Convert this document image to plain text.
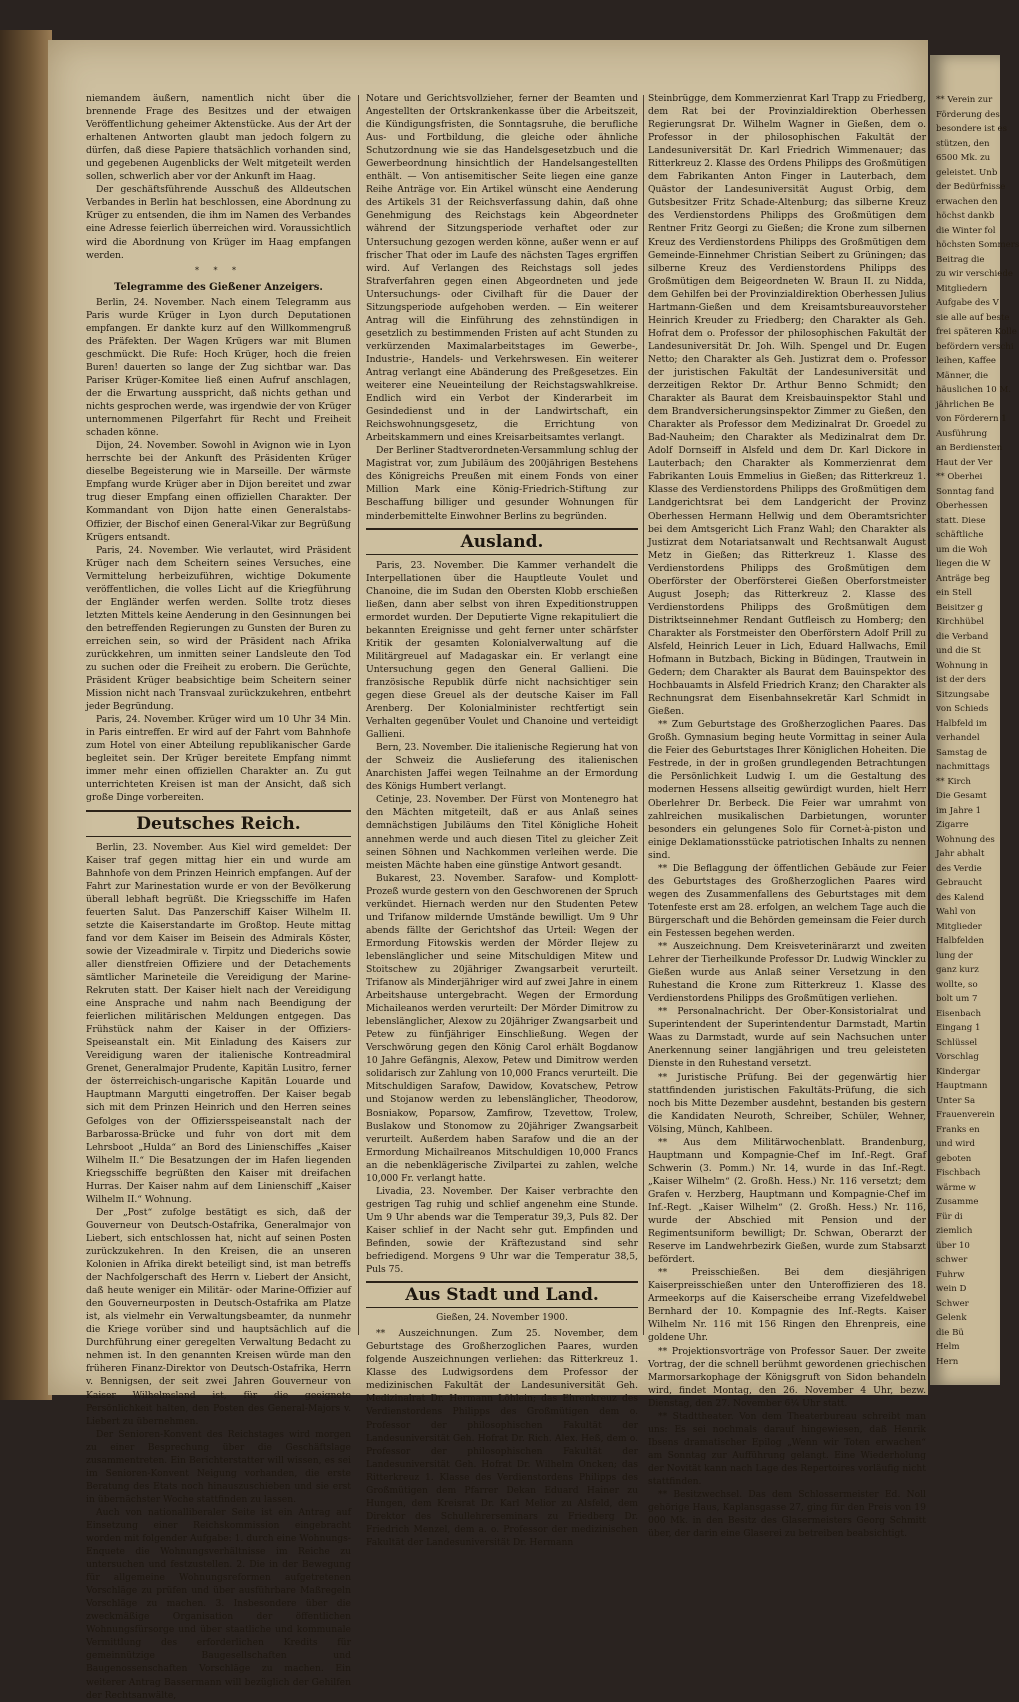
niemandem äußern, namentlich nicht über die brennende Frage des Besitzes und der etwaigen Veröffentlichung geheimer Aktenstücke. Aus der Art der erhaltenen Antworten glaubt man jedoch folgern zu dürfen, daß diese Papiere thatsächlich vorhanden sind, und gegebenen Augenblicks der Welt mitgeteilt werden sollen, schwerlich aber vor der Ankunft im Haag.

Der geschäftsführende Ausschuß des Alldeutschen Verbandes in Berlin hat beschlossen, eine Abordnung zu Krüger zu entsenden, die ihm im Namen des Verbandes eine Adresse feierlich überreichen wird. Voraussichtlich wird die Abordnung von Krüger im Haag empfangen werden.

* * *
Telegramme des Gießener Anzeigers.

Berlin, 24. November. Nach einem Telegramm aus Paris wurde Krüger in Lyon durch Deputationen empfangen. Er dankte kurz auf den Willkommengruß des Präfekten. Der Wagen Krügers war mit Blumen geschmückt. Die Rufe: Hoch Krüger, hoch die freien Buren! dauerten so lange der Zug sichtbar war. Das Pariser Krüger-Komitee ließ einen Aufruf anschlagen, der die Erwartung ausspricht, daß nichts gethan und nichts gesprochen werde, was irgendwie der von Krüger unternommenen Pilgerfahrt für Recht und Freiheit schaden könne.

Dijon, 24. November. Sowohl in Avignon wie in Lyon herrschte bei der Ankunft des Präsidenten Krüger dieselbe Begeisterung wie in Marseille. Der wärmste Empfang wurde Krüger aber in Dijon bereitet und zwar trug dieser Empfang einen offiziellen Charakter. Der Kommandant von Dijon hatte einen Generalstabs-Offizier, der Bischof einen General-Vikar zur Begrüßung Krügers entsandt.

Paris, 24. November. Wie verlautet, wird Präsident Krüger nach dem Scheitern seines Versuches, eine Vermittelung herbeizuführen, wichtige Dokumente veröffentlichen, die volles Licht auf die Kriegführung der Engländer werfen werden. Sollte trotz dieses letzten Mittels keine Aenderung in den Gesinnungen bei den betreffenden Regierungen zu Gunsten der Buren zu erreichen sein, so wird der Präsident nach Afrika zurückkehren, um inmitten seiner Landsleute den Tod zu suchen oder die Freiheit zu erobern. Die Gerüchte, Präsident Krüger beabsichtige beim Scheitern seiner Mission nicht nach Transvaal zurückzukehren, entbehrt jeder Begründung.

Paris, 24. November. Krüger wird um 10 Uhr 34 Min. in Paris eintreffen. Er wird auf der Fahrt vom Bahnhofe zum Hotel von einer Abteilung republikanischer Garde begleitet sein. Der Krüger bereitete Empfang nimmt immer mehr einen offiziellen Charakter an. Zu gut unterrichteten Kreisen ist man der Ansicht, daß sich große Dinge vorbereiten.

Deutsches Reich.

Berlin, 23. November. Aus Kiel wird gemeldet: Der Kaiser traf gegen mittag hier ein und wurde am Bahnhofe von dem Prinzen Heinrich empfangen. Auf der Fahrt zur Marinestation wurde er von der Bevölkerung überall lebhaft begrüßt. Die Kriegsschiffe im Hafen feuerten Salut. Das Panzerschiff Kaiser Wilhelm II. setzte die Kaiserstandarte im Großtop. Heute mittag fand vor dem Kaiser im Beisein des Admirals Köster, sowie der Vizeadmirale v. Tirpitz und Diederichs sowie aller dienstfreien Offiziere und der Detachements sämtlicher Marineteile die Vereidigung der Marine-Rekruten statt. Der Kaiser hielt nach der Vereidigung eine Ansprache und nahm nach Beendigung der feierlichen militärischen Meldungen entgegen. Das Frühstück nahm der Kaiser in der Offiziers-Speiseanstalt ein. Mit Einladung des Kaisers zur Vereidigung waren der italienische Kontreadmiral Grenet, Generalmajor Prudente, Kapitän Lusitro, ferner der österreichisch-ungarische Kapitän Louarde und Hauptmann Margutti eingetroffen. Der Kaiser begab sich mit dem Prinzen Heinrich und den Herren seines Gefolges von der Offiziersspeiseanstalt nach der Barbarossa-Brücke und fuhr von dort mit dem Lehrsboot „Hulda“ an Bord des Linienschiffes „Kaiser Wilhelm II.“ Die Besatzungen der im Hafen liegenden Kriegsschiffe begrüßten den Kaiser mit dreifachen Hurras. Der Kaiser nahm auf dem Linienschiff „Kaiser Wilhelm II.“ Wohnung.

Der „Post“ zufolge bestätigt es sich, daß der Gouverneur von Deutsch-Ostafrika, Generalmajor von Liebert, sich entschlossen hat, nicht auf seinen Posten zurückzukehren. In den Kreisen, die an unseren Kolonien in Afrika direkt beteiligt sind, ist man betreffs der Nachfolgerschaft des Herrn v. Liebert der Ansicht, daß heute weniger ein Militär- oder Marine-Offizier auf den Gouverneurposten in Deutsch-Ostafrika am Platze ist, als vielmehr ein Verwaltungsbeamter, da nunmehr die Kriege vorüber sind und hauptsächlich auf die Durchführung einer geregelten Verwaltung Bedacht zu nehmen ist. In den genannten Kreisen würde man den früheren Finanz-Direktor von Deutsch-Ostafrika, Herrn v. Bennigsen, der seit zwei Jahren Gouverneur von Kaiser Wilhelmsland ist, für die geeignete Persönlichkeit halten, den Posten des General-Majors v. Liebert zu übernehmen.

Der Senioren-Konvent des Reichstages wird morgen zu einer Besprechung über die Geschäftslage zusammentreten. Ein Berichterstatter will wissen, es sei im Senioren-Konvent Neigung vorhanden, die erste Beratung des Etats noch hinauszuschieben und sie erst in übernächster Woche stattfinden zu lassen.

Auch von nationalliberaler Seite ist ein Antrag auf Einsetzung einer Reichskommission eingebracht worden mit folgender Aufgabe: 1. durch eine Wohnungs-Enquete die Wohnungsverhältnisse im Reiche zu untersuchen und festzustellen. 2. Die in der Bewegung für allgemeine Wohnungsreformen aufgetretenen Vorschläge zu prüfen und über ausführbare Maßregeln Vorschläge zu machen. 3. Insbesondere über die zweckmäßige Organisation der öffentlichen Wohnungsfürsorge und über staatliche und kommunale Vermittlung des erforderlichen Kredits für gemeinnützige Baugesellschaften und Baugenossenschaften Vorschläge zu machen. Ein weiterer Antrag Bassermann will bezüglich der Gehilfen der Rechtsanwälte,

Notare und Gerichtsvollzieher, ferner der Beamten und Angestellten der Ortskrankenkasse über die Arbeitszeit, die Kündigungsfristen, die Sonntagsruhe, die berufliche Aus- und Fortbildung, die gleiche oder ähnliche Schutzordnung wie sie das Handelsgesetzbuch und die Gewerbeordnung hinsichtlich der Handelsangestellten enthält. — Von antisemitischer Seite liegen eine ganze Reihe Anträge vor. Ein Artikel wünscht eine Aenderung des Artikels 31 der Reichsverfassung dahin, daß ohne Genehmigung des Reichstags kein Abgeordneter während der Sitzungsperiode verhaftet oder zur Untersuchung gezogen werden könne, außer wenn er auf frischer That oder im Laufe des nächsten Tages ergriffen wird. Auf Verlangen des Reichstags soll jedes Strafverfahren gegen einen Abgeordneten und jede Untersuchungs- oder Civilhaft für die Dauer der Sitzungsperiode aufgehoben werden. — Ein weiterer Antrag will die Einführung des zehnstündigen in gesetzlich zu bestimmenden Fristen auf acht Stunden zu verkürzenden Maximalarbeitstages im Gewerbe-, Industrie-, Handels- und Verkehrswesen. Ein weiterer Antrag verlangt eine Abänderung des Preßgesetzes. Ein weiterer eine Neueinteilung der Reichstagswahlkreise. Endlich wird ein Verbot der Kinderarbeit im Gesindedienst und in der Landwirtschaft, ein Reichswohnungsgesetz, die Errichtung von Arbeitskammern und eines Kreisarbeitsamtes verlangt.

Der Berliner Stadtverordneten-Versammlung schlug der Magistrat vor, zum Jubiläum des 200jährigen Bestehens des Königreichs Preußen mit einem Fonds von einer Million Mark eine König-Friedrich-Stiftung zur Beschaffung billiger und gesunder Wohnungen für minderbemittelte Einwohner Berlins zu begründen.

Ausland.

Paris, 23. November. Die Kammer verhandelt die Interpellationen über die Hauptleute Voulet und Chanoine, die im Sudan den Obersten Klobb erschießen ließen, dann aber selbst von ihren Expeditionstruppen ermordet wurden. Der Deputierte Vigne rekapituliert die bekannten Ereignisse und geht ferner unter schärfster Kritik der gesamten Kolonialverwaltung auf die Militärgreuel auf Madagaskar ein. Er verlangt eine Untersuchung gegen den General Gallieni. Die französische Republik dürfe nicht nachsichtiger sein gegen diese Greuel als der deutsche Kaiser im Fall Arenberg. Der Kolonialminister rechtfertigt sein Verhalten gegenüber Voulet und Chanoine und verteidigt Gallieni.

Bern, 23. November. Die italienische Regierung hat von der Schweiz die Auslieferung des italienischen Anarchisten Jaffei wegen Teilnahme an der Ermordung des Königs Humbert verlangt.

Cetinje, 23. November. Der Fürst von Montenegro hat den Mächten mitgeteilt, daß er aus Anlaß seines demnächstigen Jubiläums den Titel Königliche Hoheit annehmen werde und auch diesen Titel zu gleicher Zeit seinen Söhnen und Nachkommen verleihen werde. Die meisten Mächte haben eine günstige Antwort gesandt.

Bukarest, 23. November. Sarafow- und Komplott-Prozeß wurde gestern von den Geschworenen der Spruch verkündet. Hiernach werden nur den Studenten Petew und Trifanow mildernde Umstände bewilligt. Um 9 Uhr abends fällte der Gerichtshof das Urteil: Wegen der Ermordung Fitowskis werden der Mörder Ilejew zu lebenslänglicher und seine Mitschuldigen Mitew und Stoitschew zu 20jähriger Zwangsarbeit verurteilt. Trifanow als Minderjähriger wird auf zwei Jahre in einem Arbeitshause untergebracht. Wegen der Ermordung Michaileanos werden verurteilt: Der Mörder Dimitrow zu lebenslänglicher, Alexow zu 20jähriger Zwangsarbeit und Petew zu fünfjähriger Einschließung. Wegen der Verschwörung gegen den König Carol erhält Bogdanow 10 Jahre Gefängnis, Alexow, Petew und Dimitrow werden solidarisch zur Zahlung von 10,000 Francs verurteilt. Die Mitschuldigen Sarafow, Dawidow, Kovatschew, Petrow und Stojanow werden zu lebenslänglicher, Theodorow, Bosniakow, Poparsow, Zamfirow, Tzevettow, Trolew, Buslakow und Stonomow zu 20jähriger Zwangsarbeit verurteilt. Außerdem haben Sarafow und die an der Ermordung Michailreanos Mitschuldigen 10,000 Francs an die nebenklägerische Zivilpartei zu zahlen, welche 10,000 Fr. verlangt hatte.

Livadia, 23. November. Der Kaiser verbrachte den gestrigen Tag ruhig und schlief angenehm eine Stunde. Um 9 Uhr abends war die Temperatur 39,3, Puls 82. Der Kaiser schlief in der Nacht sehr gut. Empfinden und Befinden, sowie der Kräftezustand sind sehr befriedigend. Morgens 9 Uhr war die Temperatur 38,5, Puls 75.

Aus Stadt und Land.
Gießen, 24. November 1900.

** Auszeichnungen. Zum 25. November, dem Geburtstage des Großherzoglichen Paares, wurden folgende Auszeichnungen verliehen: das Ritterkreuz 1. Klasse des Ludwigsordens dem Professor der medizinischen Fakultät der Landesuniversität Geh. Medizinalrat Dr. Hermann Löhlein; das Ehrenkreuz des Verdienstordens Philipps des Großmütigen dem o. Professor der philosophischen Fakultät der Landesuniversität Geh. Hofrat Dr. Rich. Alex. Heß, dem o. Professor der philosophischen Fakultät der Landesuniversität Geh. Hofrat Dr. Wilhelm Oncken; das Ritterkreuz 1. Klasse des Verdienstordens Philipps des Großmütigen dem Pfarrer Dekan Eduard Hainer zu Hungen, dem Kreisrat Dr. Karl Melior zu Alsfeld, dem Direktor des Schullehrerseminars zu Friedberg Dr. Friedrich Menzel, dem a. o. Professor der medizinischen Fakultät der Landesuniversität Dr. Hermann

Steinbrügge, dem Kommerzienrat Karl Trapp zu Friedberg, dem Rat bei der Provinzialdirektion Oberhessen Regierungsrat Dr. Wilhelm Wagner in Gießen, dem o. Professor in der philosophischen Fakultät der Landesuniversität Dr. Karl Friedrich Wimmenauer; das Ritterkreuz 2. Klasse des Ordens Philipps des Großmütigen dem Fabrikanten Anton Finger in Lauterbach, dem Quästor der Landesuniversität August Orbig, dem Gutsbesitzer Fritz Schade-Altenburg; das silberne Kreuz des Verdienstordens Philipps des Großmütigen dem Rentner Fritz Georgi zu Gießen; die Krone zum silbernen Kreuz des Verdienstordens Philipps des Großmütigen dem Gemeinde-Einnehmer Christian Seibert zu Grüningen; das silberne Kreuz des Verdienstordens Philipps des Großmütigen dem Beigeordneten W. Braun II. zu Nidda, dem Gehilfen bei der Provinzialdirektion Oberhessen Julius Hartmann-Gießen und dem Kreisamtsbureauvorsteher Heinrich Kreuder zu Friedberg; den Charakter als Geh. Hofrat dem o. Professor der philosophischen Fakultät der Landesuniversität Dr. Joh. Wilh. Spengel und Dr. Eugen Netto; den Charakter als Geh. Justizrat dem o. Professor der juristischen Fakultät der Landesuniversität und derzeitigen Rektor Dr. Arthur Benno Schmidt; den Charakter als Baurat dem Kreisbauinspektor Stahl und dem Brandversicherungsinspektor Zimmer zu Gießen, den Charakter als Professor dem Medizinalrat Dr. Groedel zu Bad-Nauheim; den Charakter als Medizinalrat dem Dr. Adolf Dornseiff in Alsfeld und dem Dr. Karl Dickore in Lauterbach; den Charakter als Kommerzienrat dem Fabrikanten Louis Emmelius in Gießen; das Ritterkreuz 1. Klasse des Verdienstordens Philipps des Großmütigen dem Landgerichtsrat bei dem Landgericht der Provinz Oberhessen Hermann Hellwig und dem Oberamtsrichter bei dem Amtsgericht Lich Franz Wahl; den Charakter als Justizrat dem Notariatsanwalt und Rechtsanwalt August Metz in Gießen; das Ritterkreuz 1. Klasse des Verdienstordens Philipps des Großmütigen dem Oberförster der Oberförsterei Gießen Oberforstmeister August Joseph; das Ritterkreuz 2. Klasse des Verdienstordens Philipps des Großmütigen dem Distriktseinnehmer Rendant Gutfleisch zu Homberg; den Charakter als Forstmeister den Oberförstern Adolf Prill zu Alsfeld, Heinrich Leuer in Lich, Eduard Hallwachs, Emil Hofmann in Butzbach, Bicking in Büdingen, Trautwein in Gedern; dem Charakter als Baurat dem Bauinspektor des Hochbauamts in Alsfeld Friedrich Kranz; den Charakter als Rechnungsrat dem Eisenbahnsekretär Karl Schmidt in Gießen.

** Zum Geburtstage des Großherzoglichen Paares. Das Großh. Gymnasium beging heute Vormittag in seiner Aula die Feier des Geburtstages Ihrer Königlichen Hoheiten. Die Festrede, in der in großen grundlegenden Betrachtungen die Persönlichkeit Ludwig I. um die Gestaltung des modernen Hessens allseitig gewürdigt wurden, hielt Herr Oberlehrer Dr. Berbeck. Die Feier war umrahmt von zahlreichen musikalischen Darbietungen, worunter besonders ein gelungenes Solo für Cornet-à-piston und einige Deklamationsstücke patriotischen Inhalts zu nennen sind.

** Die Beflaggung der öffentlichen Gebäude zur Feier des Geburtstages des Großherzoglichen Paares wird wegen des Zusammenfallens des Geburtstages mit dem Totenfeste erst am 28. erfolgen, an welchem Tage auch die Bürgerschaft und die Behörden gemeinsam die Feier durch ein Festessen begehen werden.

** Auszeichnung. Dem Kreisveterinärarzt und zweiten Lehrer der Tierheilkunde Professor Dr. Ludwig Winckler zu Gießen wurde aus Anlaß seiner Versetzung in den Ruhestand die Krone zum Ritterkreuz 1. Klasse des Verdienstordens Philipps des Großmütigen verliehen.

** Personalnachricht. Der Ober-Konsistorialrat und Superintendent der Superintendentur Darmstadt, Martin Waas zu Darmstadt, wurde auf sein Nachsuchen unter Anerkennung seiner langjährigen und treu geleisteten Dienste in den Ruhestand versetzt.

** Juristische Prüfung. Bei der gegenwärtig hier stattfindenden juristischen Fakultäts-Prüfung, die sich noch bis Mitte Dezember ausdehnt, bestanden bis gestern die Kandidaten Neuroth, Schreiber, Schüler, Wehner, Völsing, Münch, Kahlbeen.

** Aus dem Militärwochenblatt. Brandenburg, Hauptmann und Kompagnie-Chef im Inf.-Regt. Graf Schwerin (3. Pomm.) Nr. 14, wurde in das Inf.-Regt. „Kaiser Wilhelm“ (2. Großh. Hess.) Nr. 116 versetzt; dem Grafen v. Herzberg, Hauptmann und Kompagnie-Chef im Inf.-Regt. „Kaiser Wilhelm“ (2. Großh. Hess.) Nr. 116, wurde der Abschied mit Pension und der Regimentsuniform bewilligt; Dr. Schwan, Oberarzt der Reserve im Landwehrbezirk Gießen, wurde zum Stabsarzt befördert.

** Preisschießen. Bei dem diesjährigen Kaiserpreisschießen unter den Unteroffizieren des 18. Armeekorps auf die Kaiserscheibe errang Vizefeldwebel Bernhard der 10. Kompagnie des Inf.-Regts. Kaiser Wilhelm Nr. 116 mit 156 Ringen den Ehrenpreis, eine goldene Uhr.

** Projektionsvorträge von Professor Sauer. Der zweite Vortrag, der die schnell berühmt gewordenen griechischen Marmorsarkophage der Königsgruft von Sidon behandeln wird, findet Montag, den 26. November 4 Uhr, bezw. Dienstag, den 27. November 6¼ Uhr statt.

** Stadttheater. Von dem Theaterbureau schreibt man uns: Es sei nochmals darauf hingewiesen, daß Henrik Ibsens dramatischer Epilog „Wenn wir Toten erwachen“ am Sonntag zur Aufführung gelangt. Eine Wiederholung der Novität kann nach Lage des Repertoires vorläufig nicht stattfinden.

** Besitzwechsel. Das dem Schlossermeister Ed. Noll gehörige Haus, Kaplansgasse 27, ging für den Preis von 19 000 Mk. in den Besitz des Glasermeisters Georg Schmitt über, der darin eine Glaserei zu betreiben beabsichtigt.

** Verein zur
Förderung des
besondere ist es
stützen, den
6500 Mk. zu
geleistet. Unb
der Bedürfnisse
erwachen den
höchst dankb
die Winter fol
höchsten Sommers
Beitrag die
zu wir verschiede
Mitgliedern
Aufgabe des V
sie alle auf beste
frei späteren Kolle
befördern verschi
leihen, Kaffee
Männer, die
häuslichen 10 M.
jährlichen Be
von Förderern 1
Ausführung
an Berdiensten
Haut der Ver
** Oberhei
Sonntag fand
Oberhessen
statt. Diese
schäftliche
um die Woh
liegen die W
Anträge beg
ein Stell
Beisitzer g
Kirchhübel
die Verband
und die St
Wohnung in
ist der ders
Sitzungsabe
von Schieds
Halbfeld im
verhandel
Samstag de
nachmittags
** Kirch
Die Gesamt
im Jahre 1
Zigarre
Wohnung des
Jahr abhalt
des Verdie
Gebraucht
des Kalend
Wahl von
Mitglieder
Halbfelden
lung der
ganz kurz
wollte, so
bolt um 7
Eisenbach
Eingang 1
Schlüssel
Vorschlag
Kindergar
Hauptmann
Unter Sa
Frauenverein
Franks en
und wird
geboten
Fischbach
wärme w
Zusamme
Für di
ziemlich
über 10
schwer
Fuhrw
wein D
Schwer
Gelenk
die Bü
Helm
Hern
